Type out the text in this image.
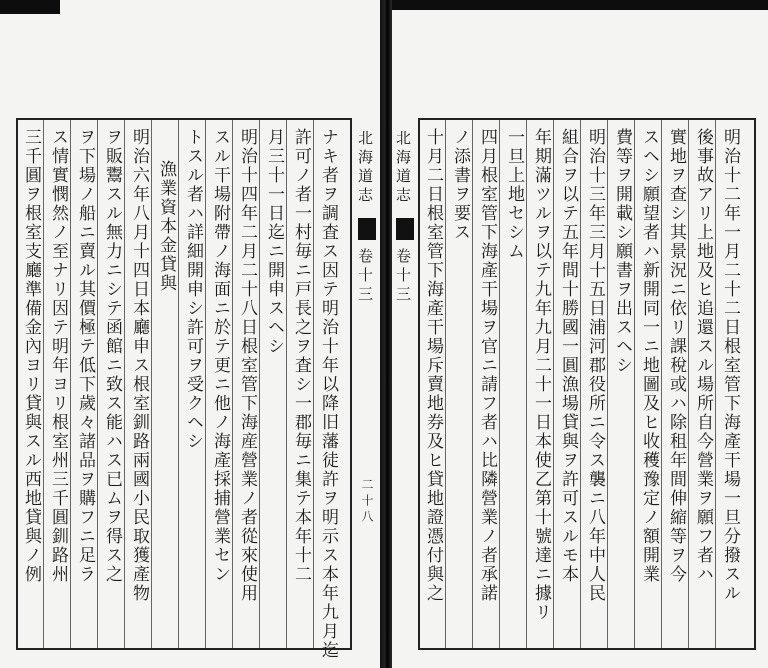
三千圓ヲ根室支廳準備金內ヨリ貸與スル西地貸與ノ例 ス情實憫然ノ至ナリ因テ明年ヨリ根室州三千圓釧路州 ヲ下場ノ船ニ賣ル其價極テ低下歲々諸品ヲ購フニ足ラ ヲ販鬻スル無力ニシテ函館ニ致ス能ハス已ムヲ得ス之 明治六年八月十四日本廳申ス根室釧路兩國小民取獲產物 漁業資本金貸與 トスル者ハ詳細開申シ許可ヲ受クヘシ スル干場附帶ノ海面ニ於テ更ニ他ノ海產採捕營業セン 明治十四年二月二十八日根室管下海産營業ノ者從來使用 月三十一日迄ニ開申スヘシ 許可ノ者一村毎ニ戸長之ヲ査シ一郡毎ニ集テ本年十二 ナキ者ヲ調査ス因テ明治十年以降旧藩徒許ヲ明示ス本年九月迄 北海道志
卷十三
二十八
北海道志
卷十三 十月二日根室管下海產干場斥賣地券及ヒ貸地證憑付與之 ノ添書ヲ要ス 四月根室管下海產干場ヲ官ニ請フ者ハ比隣營業ノ者承諾 一旦上地セシム 年期滿ツルヲ以テ九年九月二十一日本使乙第十號達ニ據リ 組合ヲ以テ五年間十勝國一圓漁場貸與ヲ許可スルモ本 明治十三年三月十五日浦河郡役所ニ令ス襲ニ八年中人民 費等ヲ開載シ願書ヲ出スヘシ スヘシ願望者ハ新開同一ニ地圖及ヒ收穫豫定ノ額開業 實地ヲ查シ其景況ニ依リ課稅或ハ除租年間伸縮等ヲ今 後事故アリ上地及ヒ追還スル場所自今營業ヲ願フ者ハ 明治十二年一月二十二日根室管下海產干場一旦分撥スル
